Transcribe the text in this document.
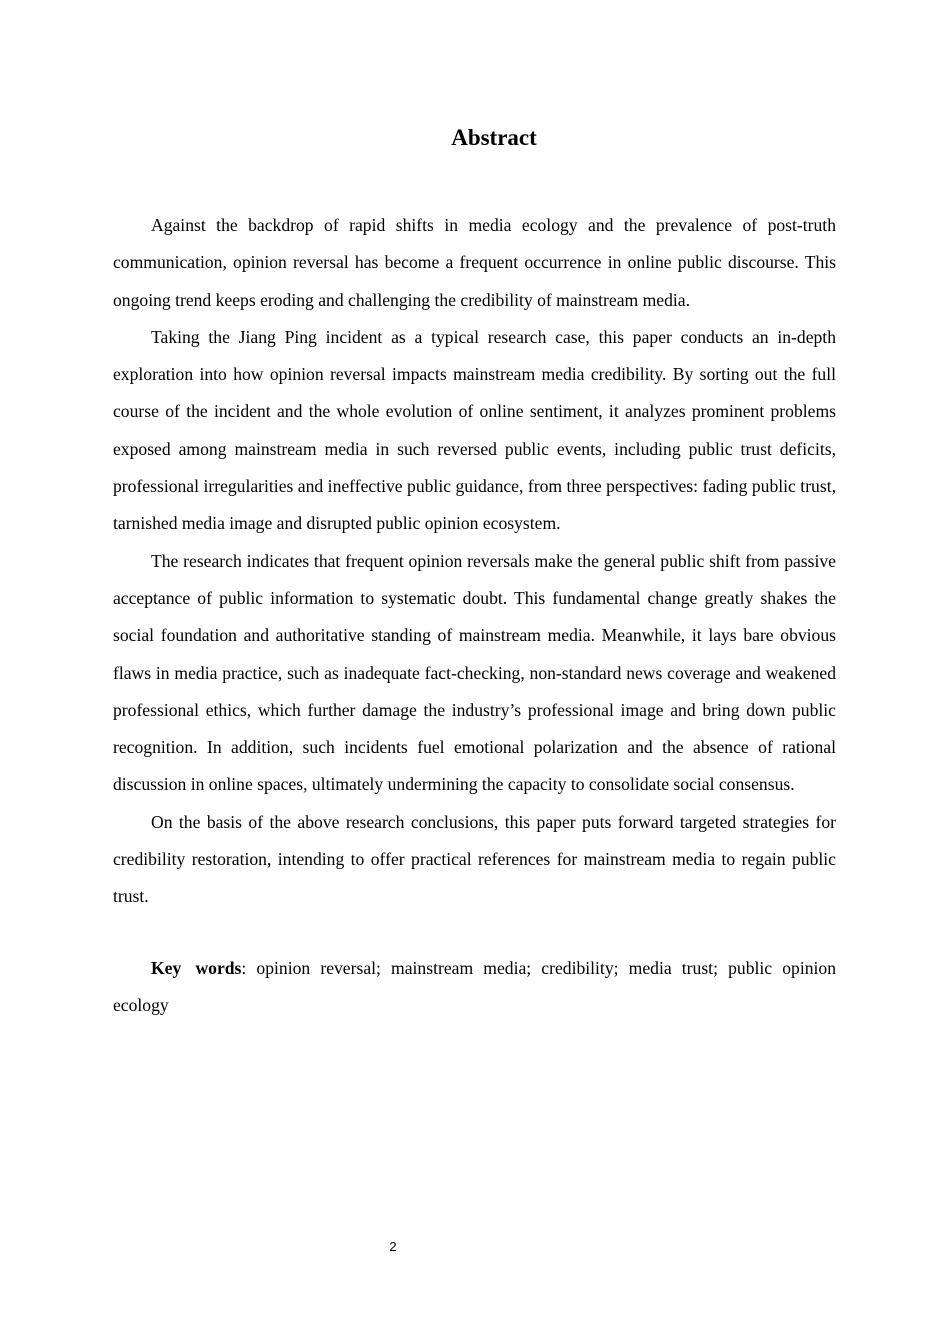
Abstract

Against the backdrop of rapid shifts in media ecology and the prevalence of post-truth communication, opinion reversal has become a frequent occurrence in online public discourse. This ongoing trend keeps eroding and challenging the credibility of mainstream media.

Taking the Jiang Ping incident as a typical research case, this paper conducts an in-depth exploration into how opinion reversal impacts mainstream media credibility. By sorting out the full course of the incident and the whole evolution of online sentiment, it analyzes prominent problems exposed among mainstream media in such reversed public events, including public trust deficits, professional irregularities and ineffective public guidance, from three perspectives: fading public trust, tarnished media image and disrupted public opinion ecosystem.

The research indicates that frequent opinion reversals make the general public shift from passive acceptance of public information to systematic doubt. This fundamental change greatly shakes the social foundation and authoritative standing of mainstream media. Meanwhile, it lays bare obvious flaws in media practice, such as inadequate fact-checking, non-standard news coverage and weakened professional ethics, which further damage the industry’s professional image and bring down public recognition. In addition, such incidents fuel emotional polarization and the absence of rational discussion in online spaces, ultimately undermining the capacity to consolidate social consensus.

On the basis of the above research conclusions, this paper puts forward targeted strategies for credibility restoration, intending to offer practical references for mainstream media to regain public trust.

Key words: opinion reversal; mainstream media; credibility; media trust; public opinion ecology

2
